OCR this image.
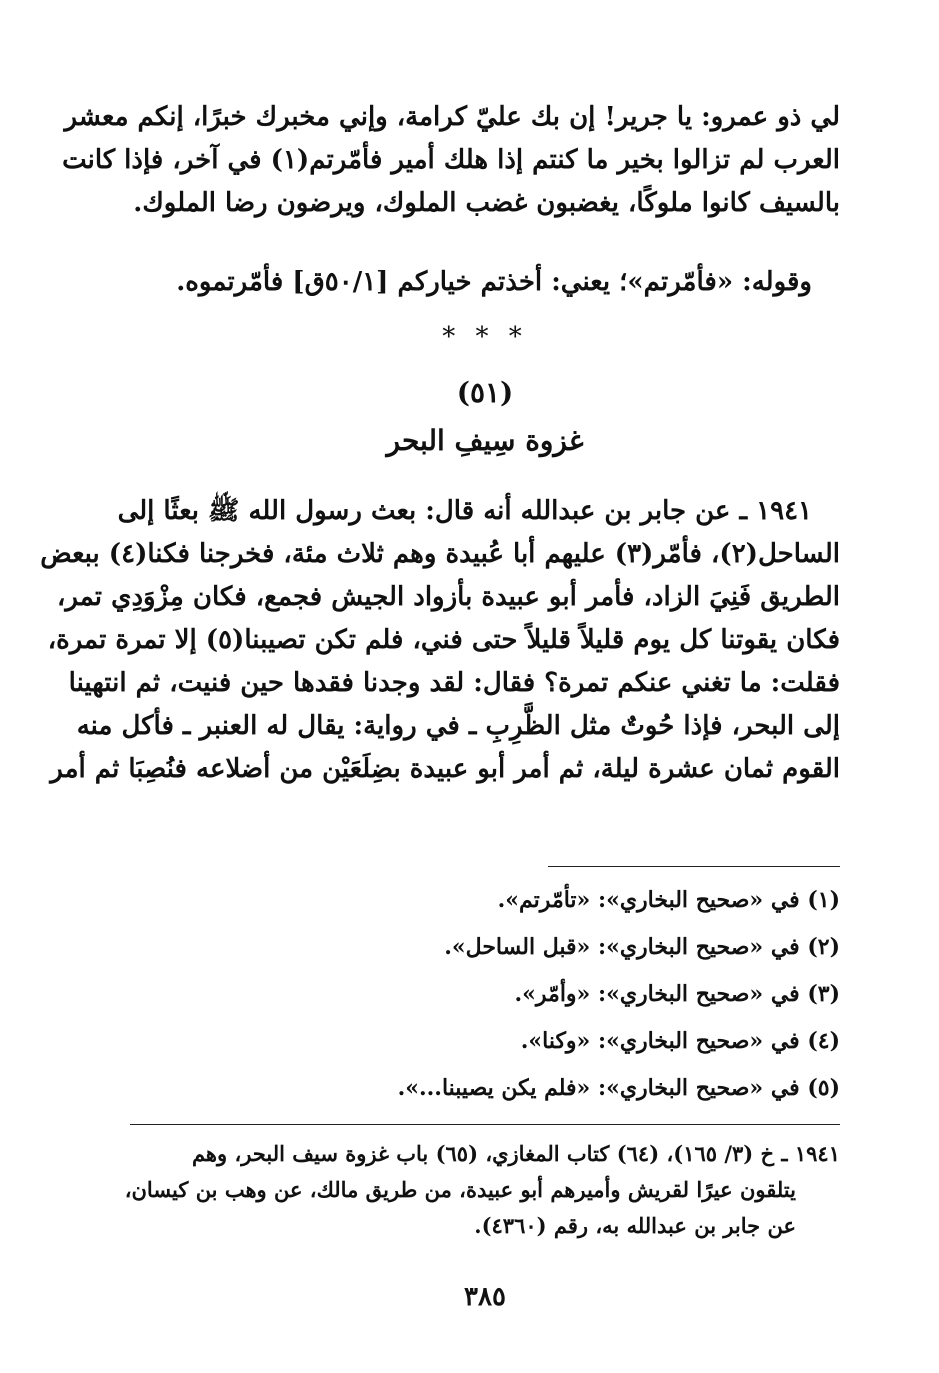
لي ذو عمرو: يا جرير! إن بك عليّ كرامة، وإني مخبرك خبرًا، إنكم معشر
العرب لم تزالوا بخير ما كنتم إذا هلك أمير فأمّرتم(١) في آخر، فإذا كانت
بالسيف كانوا ملوكًا، يغضبون غضب الملوك، ويرضون رضا الملوك.
وقوله: «فأمّرتم»؛ يعني: أخذتم خياركم [٥٠/١ق] فأمّرتموه.
* * *
(٥١)
غزوة سِيفِ البحر
١٩٤١ ـ عن جابر بن عبدالله أنه قال: بعث رسول الله ﷺ بعثًا إلى
الساحل(٢)، فأمّر(٣) عليهم أبا عُبيدة وهم ثلاث مئة، فخرجنا فكنا(٤) ببعض
الطريق فَنِيَ الزاد، فأمر أبو عبيدة بأزواد الجيش فجمع، فكان مِزْوَدِي تمر،
فكان يقوتنا كل يوم قليلاً قليلاً حتى فني، فلم تكن تصيبنا(٥) إلا تمرة تمرة،
فقلت: ما تغني عنكم تمرة؟ فقال: لقد وجدنا فقدها حين فنيت، ثم انتهينا
إلى البحر، فإذا حُوتٌ مثل الظَّرِبِ ـ في رواية: يقال له العنبر ـ فأكل منه
القوم ثمان عشرة ليلة، ثم أمر أبو عبيدة بضِلَعَيْن من أضلاعه فنُصِبَا ثم أمر
(١) في «صحيح البخاري»: «تأمّرتم».
(٢) في «صحيح البخاري»: «قبل الساحل».
(٣) في «صحيح البخاري»: «وأمّر».
(٤) في «صحيح البخاري»: «وكنا».
(٥) في «صحيح البخاري»: «فلم يكن يصيبنا...».
١٩٤١ ـ خ (٣/ ١٦٥)، (٦٤) كتاب المغازي، (٦٥) باب غزوة سيف البحر، وهم
يتلقون عيرًا لقريش وأميرهم أبو عبيدة، من طريق مالك، عن وهب بن كيسان،
عن جابر بن عبدالله به، رقم (٤٣٦٠).
٣٨٥
